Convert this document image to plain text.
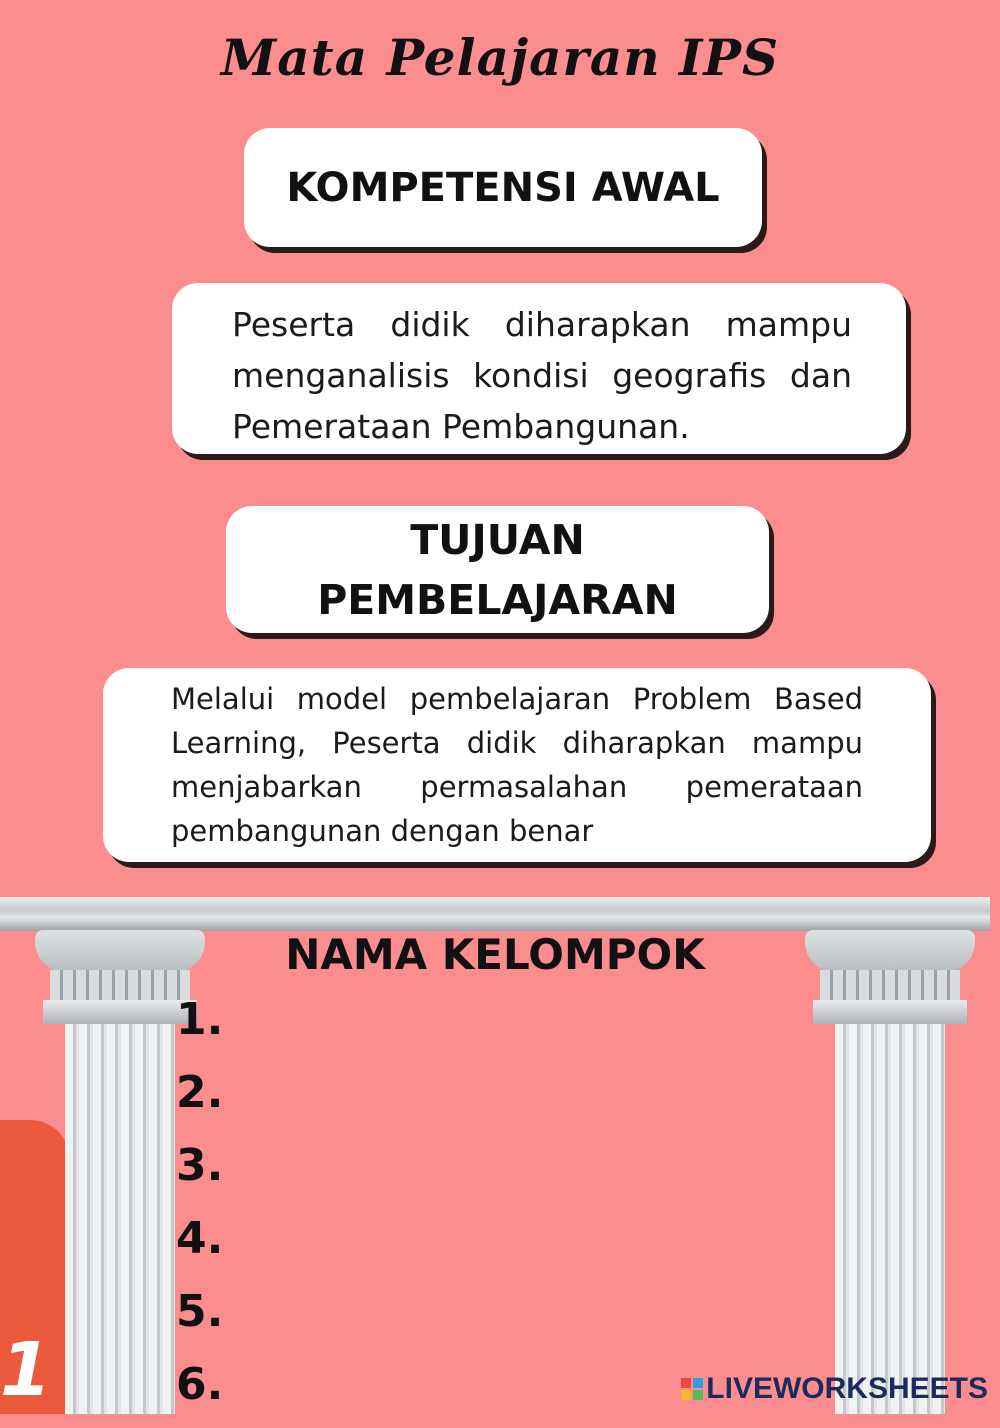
Mata Pelajaran IPS
KOMPETENSI AWAL
Peserta didik diharapkan mampu menganalisis kondisi geografis dan Pemerataan Pembangunan.
TUJUAN
PEMBELAJARAN
Melalui model pembelajaran Problem Based Learning, Peserta didik diharapkan mampu menjabarkan permasalahan pemerataan pembangunan dengan benar
1
NAMA KELOMPOK
1.
2.
3.
4.
5.
6.	LIVEWORKSHEETS
